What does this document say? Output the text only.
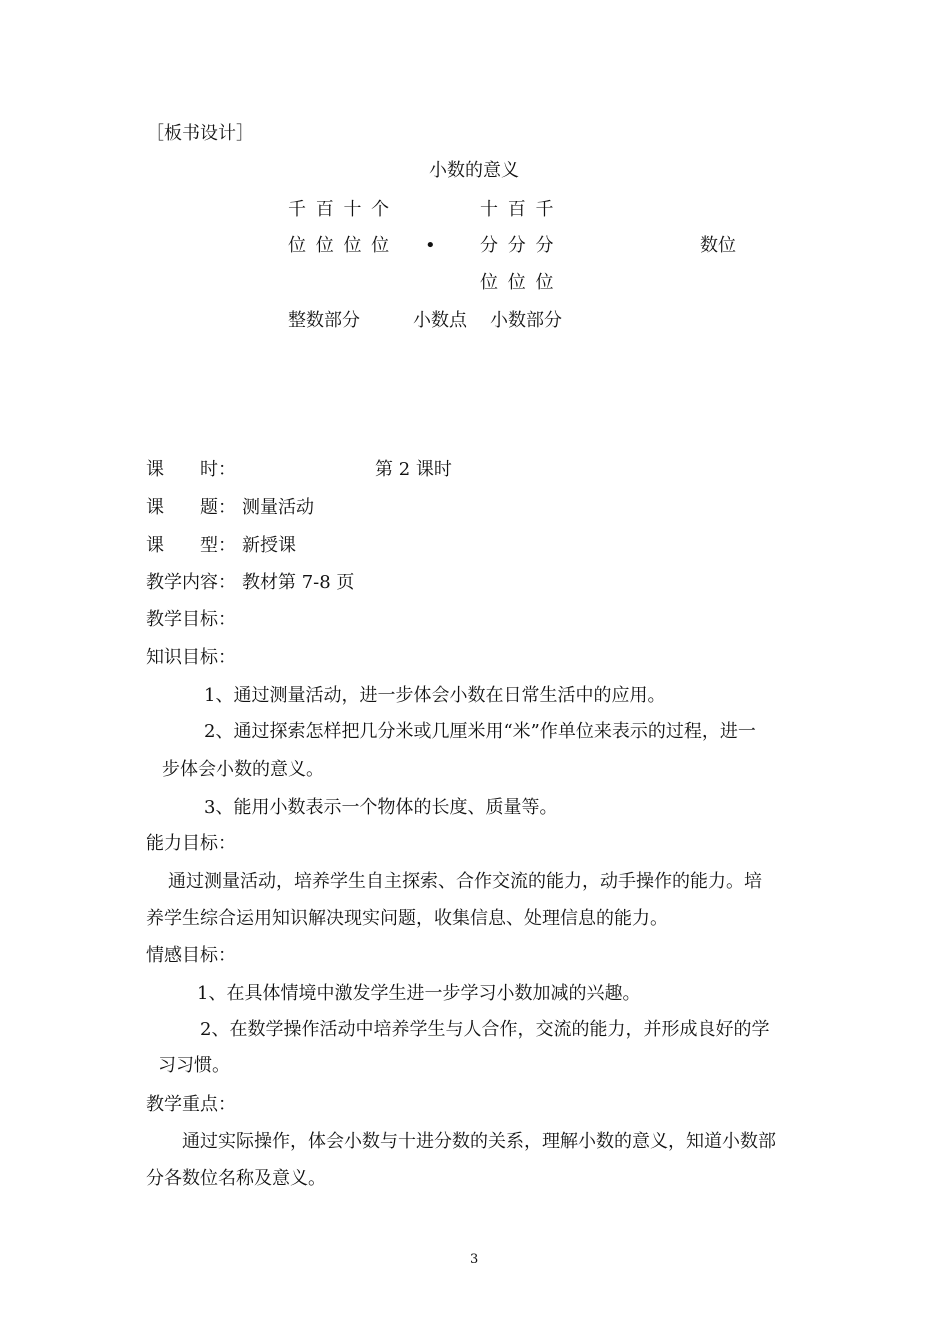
［板书设计］
小数的意义
千 百 十 个
位 位 位 位 •
十 百 千
分 分 分
位 位 位
数位
整数部分	小数点 小数部分
课　　时：	第 2 课时
课　　题： 测量活动
课　　型： 新授课
教学内容： 教材第 7-8 页
教学目标：
知识目标：
1、通过测量活动，进一步体会小数在日常生活中的应用。
2、通过探索怎样把几分米或几厘米用“米”作单位来表示的过程，进一
步体会小数的意义。
3、能用小数表示一个物体的长度、质量等。
能力目标：
通过测量活动，培养学生自主探索、合作交流的能力，动手操作的能力。培
养学生综合运用知识解决现实问题，收集信息、处理信息的能力。
情感目标：
1、在具体情境中激发学生进一步学习小数加减的兴趣。
2、在数学操作活动中培养学生与人合作，交流的能力，并形成良好的学
习习惯。
教学重点：
通过实际操作，体会小数与十进分数的关系，理解小数的意义，知道小数部
分各数位名称及意义。
3
